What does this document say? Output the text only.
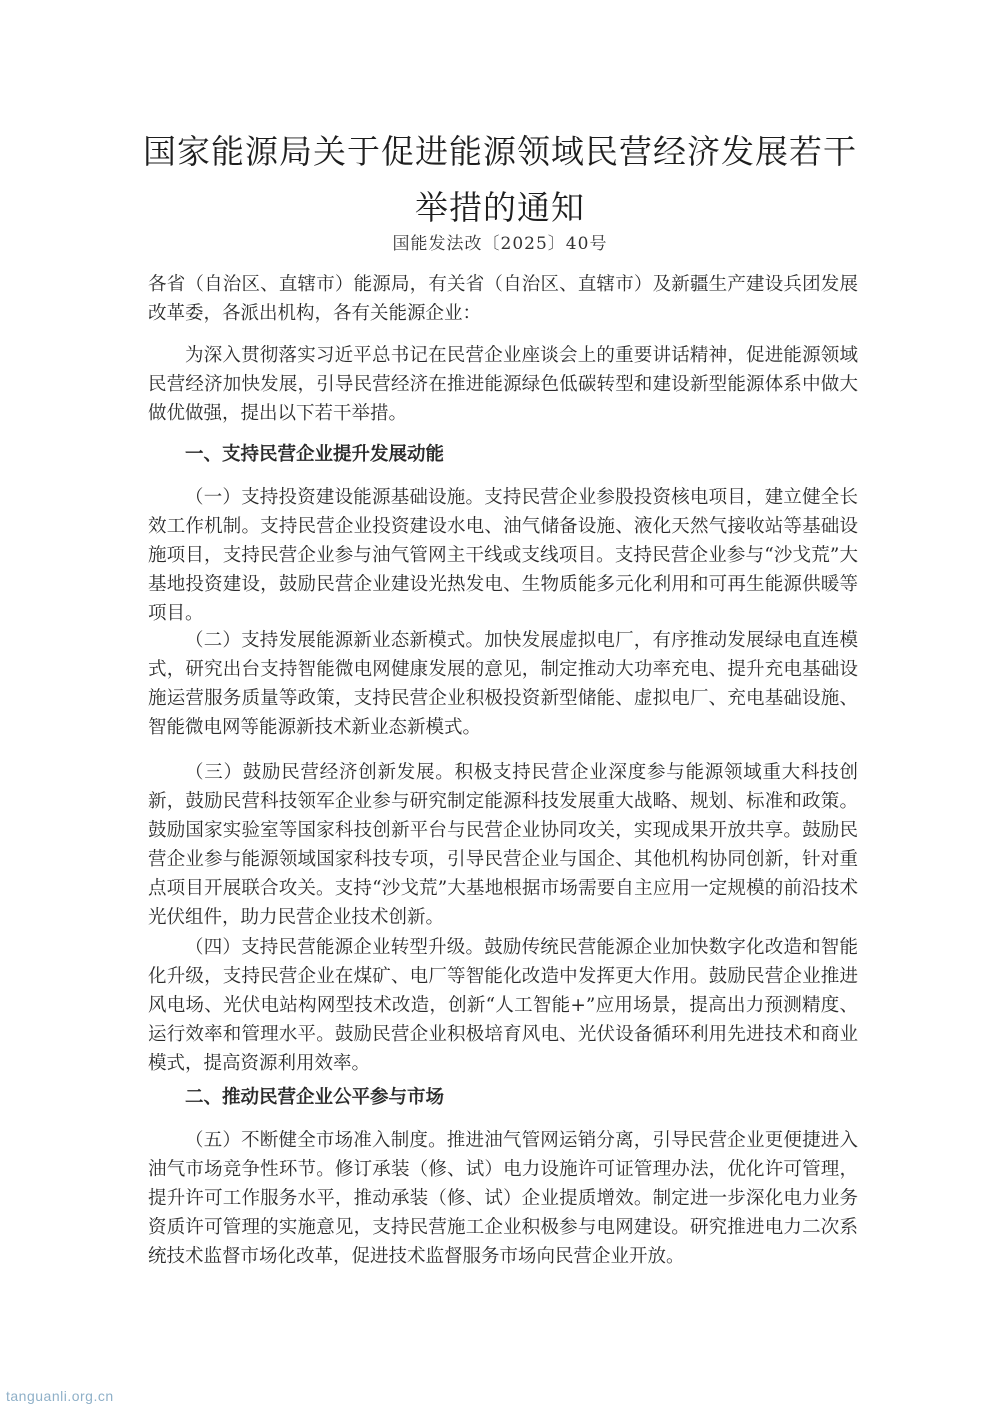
国家能源局关于促进能源领域民营经济发展若干举措的通知
国能发法改〔2025〕40号

各省（自治区、直辖市）能源局，有关省（自治区、直辖市）及新疆生产建设兵团发展改革委，各派出机构，各有关能源企业：

为深入贯彻落实习近平总书记在民营企业座谈会上的重要讲话精神，促进能源领域民营经济加快发展，引导民营经济在推进能源绿色低碳转型和建设新型能源体系中做大做优做强，提出以下若干举措。

一、支持民营企业提升发展动能

（一）支持投资建设能源基础设施。支持民营企业参股投资核电项目，建立健全长效工作机制。支持民营企业投资建设水电、油气储备设施、液化天然气接收站等基础设施项目，支持民营企业参与油气管网主干线或支线项目。支持民营企业参与“沙戈荒”大基地投资建设，鼓励民营企业建设光热发电、生物质能多元化利用和可再生能源供暖等项目。

（二）支持发展能源新业态新模式。加快发展虚拟电厂，有序推动发展绿电直连模式，研究出台支持智能微电网健康发展的意见，制定推动大功率充电、提升充电基础设施运营服务质量等政策，支持民营企业积极投资新型储能、虚拟电厂、充电基础设施、智能微电网等能源新技术新业态新模式。

（三）鼓励民营经济创新发展。积极支持民营企业深度参与能源领域重大科技创新，鼓励民营科技领军企业参与研究制定能源科技发展重大战略、规划、标准和政策。鼓励国家实验室等国家科技创新平台与民营企业协同攻关，实现成果开放共享。鼓励民营企业参与能源领域国家科技专项，引导民营企业与国企、其他机构协同创新，针对重点项目开展联合攻关。支持“沙戈荒”大基地根据市场需要自主应用一定规模的前沿技术光伏组件，助力民营企业技术创新。

（四）支持民营能源企业转型升级。鼓励传统民营能源企业加快数字化改造和智能化升级，支持民营企业在煤矿、电厂等智能化改造中发挥更大作用。鼓励民营企业推进风电场、光伏电站构网型技术改造，创新“人工智能+”应用场景，提高出力预测精度、运行效率和管理水平。鼓励民营企业积极培育风电、光伏设备循环利用先进技术和商业模式，提高资源利用效率。

二、推动民营企业公平参与市场

（五）不断健全市场准入制度。推进油气管网运销分离，引导民营企业更便捷进入油气市场竞争性环节。修订承装（修、试）电力设施许可证管理办法，优化许可管理，提升许可工作服务水平，推动承装（修、试）企业提质增效。制定进一步深化电力业务资质许可管理的实施意见，支持民营施工企业积极参与电网建设。研究推进电力二次系统技术监督市场化改革，促进技术监督服务市场向民营企业开放。

tanguanli.org.cn
